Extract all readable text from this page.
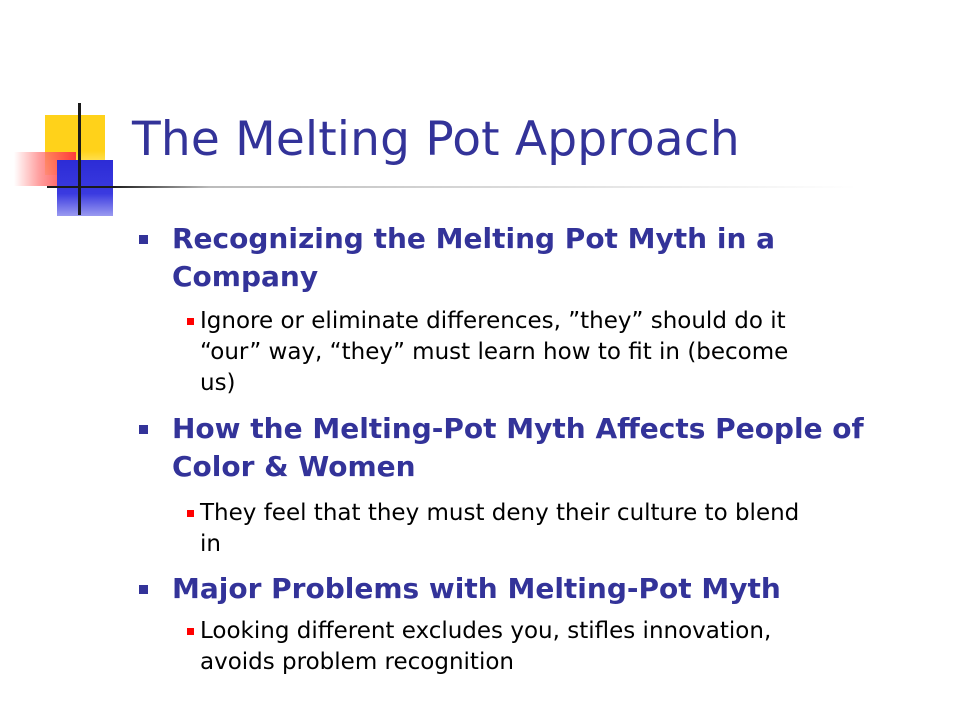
The Melting Pot Approach
Recognizing the Melting Pot Myth in a Company
Ignore or eliminate differences, ”they” should do it “our” way, “they” must learn how to fit in (become us)
How the Melting-Pot Myth Affects People of Color & Women
They feel that they must deny their culture to blend in
Major Problems with Melting-Pot Myth
Looking different excludes you, stifles innovation, avoids problem recognition
